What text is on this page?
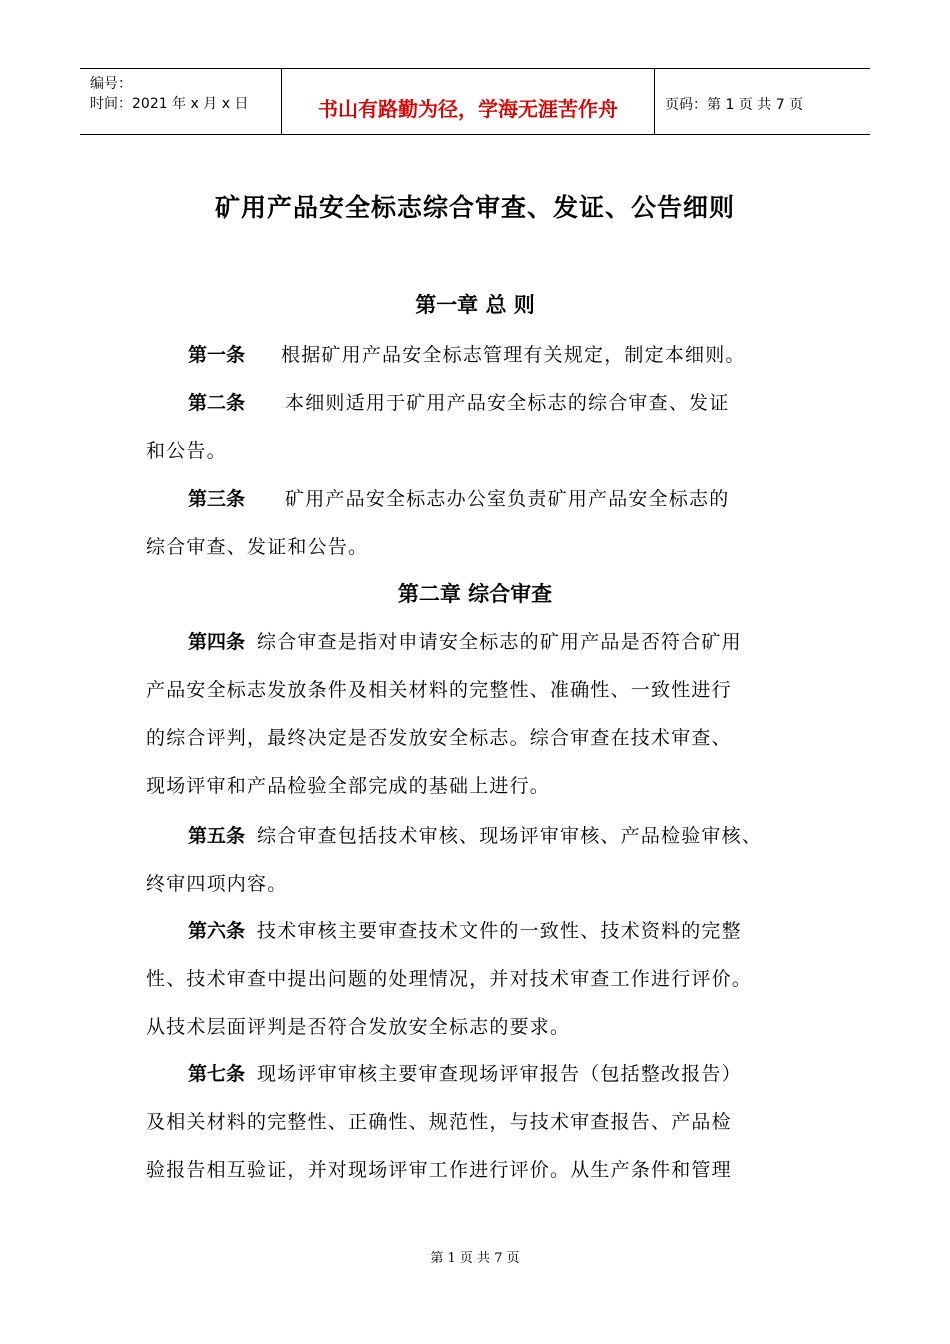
编号：
时间：2021 年 x 月 x 日	书山有路勤为径，学海无涯苦作舟	页码：第 1 页 共 7 页
矿用产品安全标志综合审查、发证、公告细则
第一章 总 则
第一条 根据矿用产品安全标志管理有关规定，制定本细则。
第二条 本细则适用于矿用产品安全标志的综合审查、发证
和公告。
第三条 矿用产品安全标志办公室负责矿用产品安全标志的
综合审查、发证和公告。
第二章 综合审查
第四条 综合审查是指对申请安全标志的矿用产品是否符合矿用
产品安全标志发放条件及相关材料的完整性、准确性、一致性进行
的综合评判，最终决定是否发放安全标志。综合审查在技术审查、
现场评审和产品检验全部完成的基础上进行。
第五条 综合审查包括技术审核、现场评审审核、产品检验审核、
终审四项内容。
第六条 技术审核主要审查技术文件的一致性、技术资料的完整
性、技术审查中提出问题的处理情况，并对技术审查工作进行评价。
从技术层面评判是否符合发放安全标志的要求。
第七条 现场评审审核主要审查现场评审报告（包括整改报告）
及相关材料的完整性、正确性、规范性，与技术审查报告、产品检
验报告相互验证，并对现场评审工作进行评价。从生产条件和管理
第 1 页 共 7 页
